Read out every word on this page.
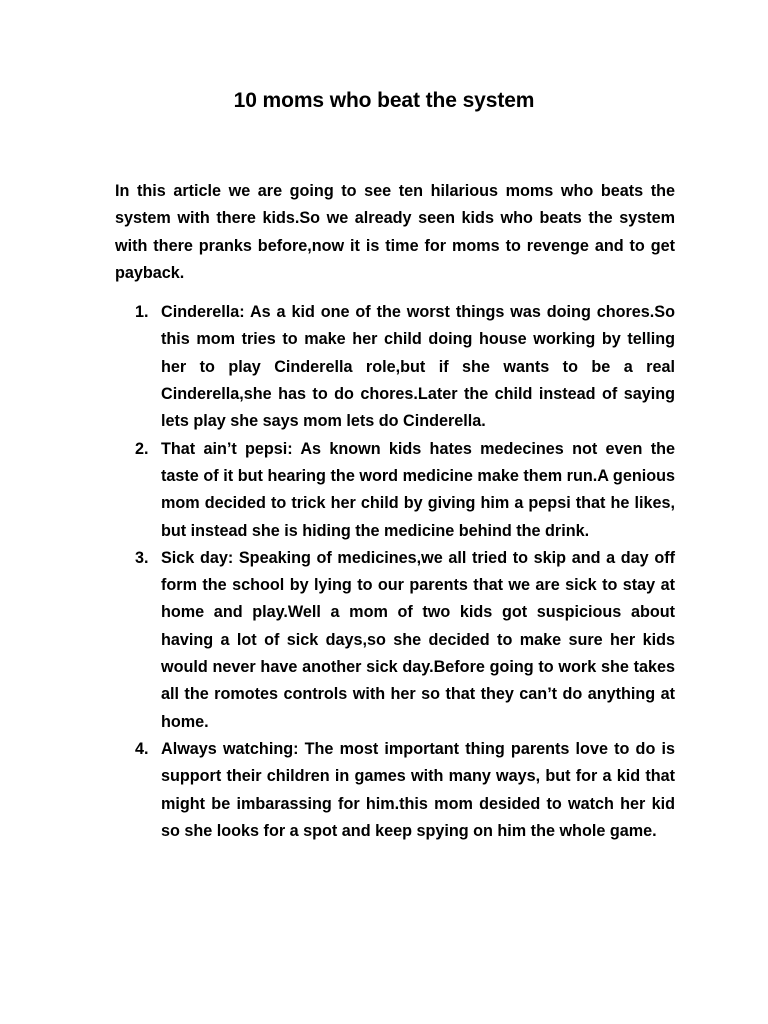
10 moms who beat the system

In this article we are going to see ten hilarious moms who beats the system with there kids.So we already seen kids who beats the system with there pranks before,now it is time for moms to revenge and to get payback.

1. Cinderella: As a kid one of the worst things was doing chores.So this mom tries to make her child doing house working by telling her to play Cinderella role,but if she wants to be a real Cinderella,she has to do chores.Later the child instead of saying lets play she says mom lets do Cinderella.
2. That ain’t pepsi: As known kids hates medecines not even the taste of it but hearing the word medicine make them run.A genious mom decided to trick her child by giving him a pepsi that he likes, but instead she is hiding the medicine behind the drink.
3. Sick day: Speaking of medicines,we all tried to skip and a day off form the school by lying to our parents that we are sick to stay at home and play.Well a mom of two kids got suspicious about having a lot of sick days,so she decided to make sure her kids would never have another sick day.Before going to work she takes all the romotes controls with her so that they can’t do anything at home.
4. Always watching: The most important thing parents love to do is support their children in games with many ways, but for a kid that might be imbarassing for him.this mom desided to watch her kid so she looks for a spot and keep spying on him the whole game.
